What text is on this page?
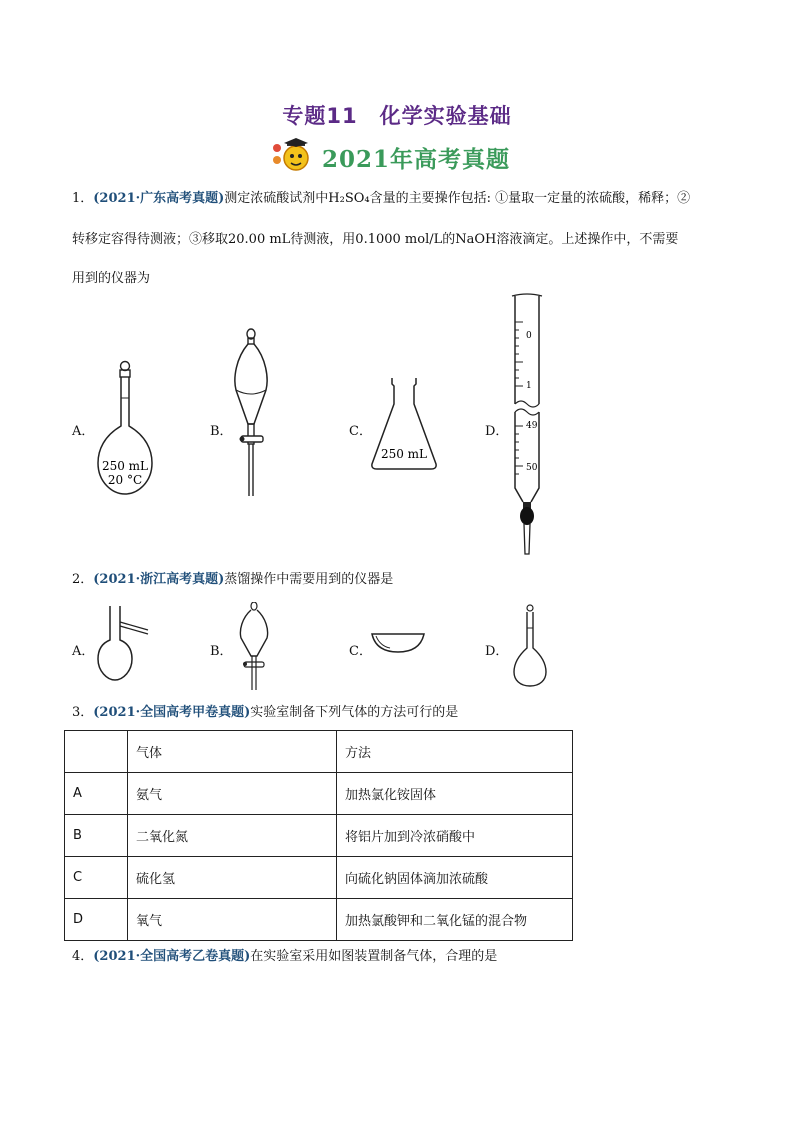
专题11　化学实验基础
2021年高考真题
1．(2021·广东高考真题)测定浓硫酸试剂中H₂SO₄含量的主要操作包括: ①量取一定量的浓硫酸，稀释；②
转移定容得待测液；③移取20.00 mL待测液，用0.1000 mol/L的NaOH溶液滴定。上述操作中，不需要
用到的仪器为
A．	B．	C．	D．
250 mL
20 °C
250 mL
0
1
49
50
2．(2021·浙江高考真题)蒸馏操作中需要用到的仪器是
A．	B．	C．	D．
3．(2021·全国高考甲卷真题)实验室制备下列气体的方法可行的是
	气体	方法
A	氨气	加热氯化铵固体
B	二氧化氮	将铝片加到冷浓硝酸中
C	硫化氢	向硫化钠固体滴加浓硫酸
D	氧气	加热氯酸钾和二氧化锰的混合物
4．(2021·全国高考乙卷真题)在实验室采用如图装置制备气体，合理的是
